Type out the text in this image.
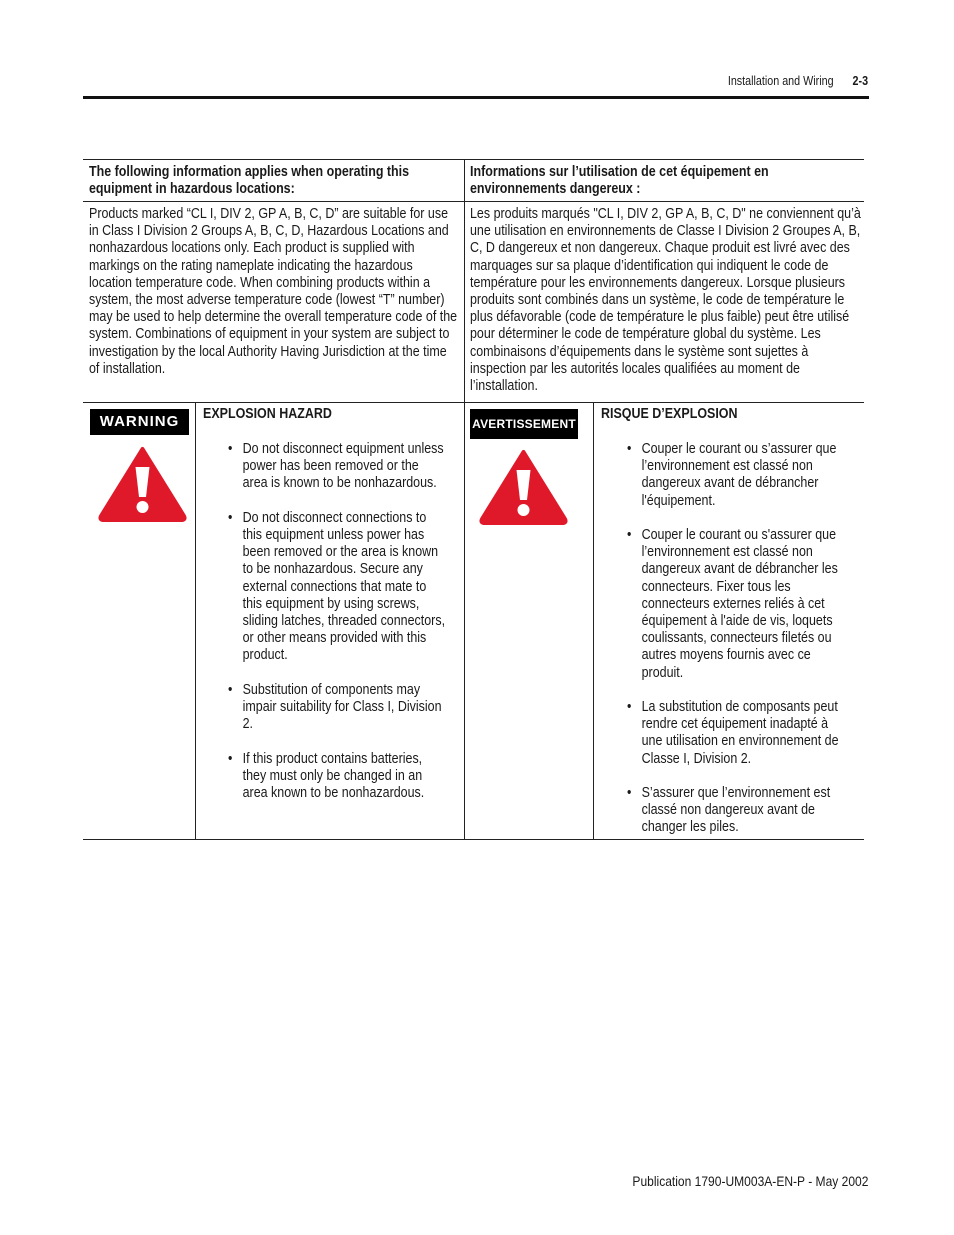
Installation and Wiring 2-3
The following information applies when operating this equipment in hazardous locations:
Informations sur l’utilisation de cet équipement en environnements dangereux :
Products marked “CL I, DIV 2, GP A, B, C, D” are suitable for use in Class I Division 2 Groups A, B, C, D, Hazardous Locations and nonhazardous locations only. Each product is supplied with markings on the rating nameplate indicating the hazardous location temperature code. When combining products within a system, the most adverse temperature code (lowest “T” number) may be used to help determine the overall temperature code of the system. Combinations of equipment in your system are subject to investigation by the local Authority Having Jurisdiction at the time of installation.
Les produits marqués "CL I, DIV 2, GP A, B, C, D" ne conviennent qu’à une utilisation en environnements de Classe I Division 2 Groupes A, B, C, D dangereux et non dangereux. Chaque produit est livré avec des marquages sur sa plaque d’identification qui indiquent le code de température pour les environnements dangereux. Lorsque plusieurs produits sont combinés dans un système, le code de température le plus défavorable (code de température le plus faible) peut être utilisé pour déterminer le code de température global du système. Les combinaisons d’équipements dans le système sont sujettes à inspection par les autorités locales qualifiées au moment de l’installation.
WARNING	EXPLOSION HAZARD
• Do not disconnect equipment unless power has been removed or the area is known to be nonhazardous.
• Do not disconnect connections to this equipment unless power has been removed or the area is known to be nonhazardous. Secure any external connections that mate to this equipment by using screws, sliding latches, threaded connectors, or other means provided with this product.
• Substitution of components may impair suitability for Class I, Division 2.
• If this product contains batteries, they must only be changed in an area known to be nonhazardous.
AVERTISSEMENT
RISQUE D’EXPLOSION
• Couper le courant ou s’assurer que l’environnement est classé non dangereux avant de débrancher l'équipement.
• Couper le courant ou s'assurer que l’environnement est classé non dangereux avant de débrancher les connecteurs. Fixer tous les connecteurs externes reliés à cet équipement à l'aide de vis, loquets coulissants, connecteurs filetés ou autres moyens fournis avec ce produit.
• La substitution de composants peut rendre cet équipement inadapté à une utilisation en environnement de Classe I, Division 2.
• S’assurer que l’environnement est classé non dangereux avant de changer les piles.
Publication 1790-UM003A-EN-P - May 2002
